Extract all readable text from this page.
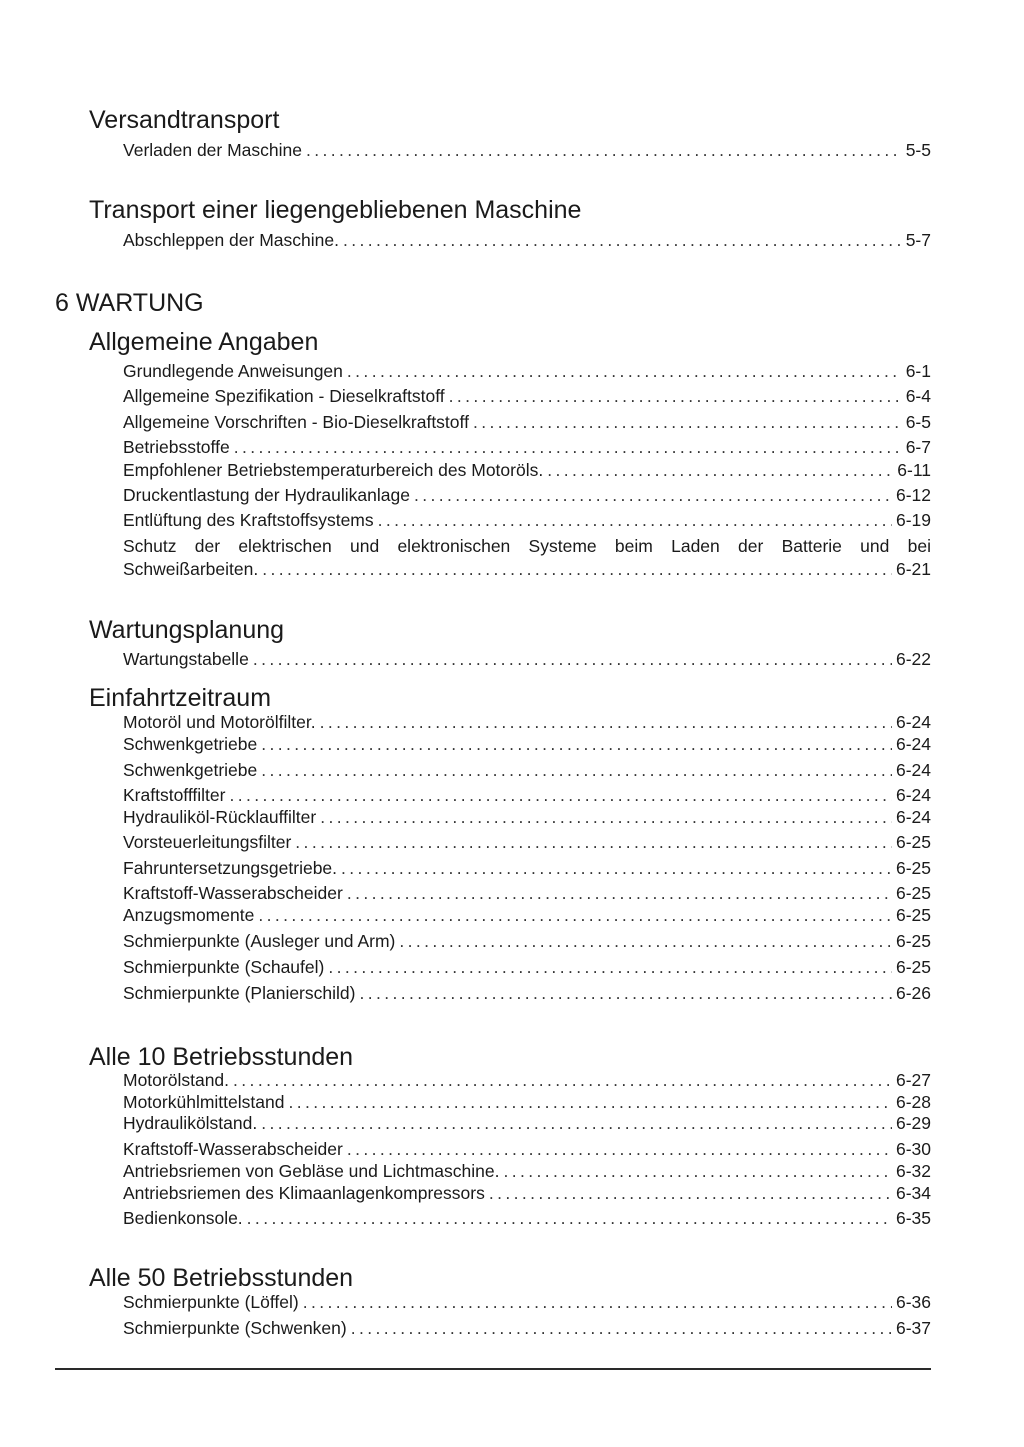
Versandtransport
Verladen der Maschine .....	5-5
Transport einer liegengebliebenen Maschine
Abschleppen der Maschine. .....	5-7
6 WARTUNG
Allgemeine Angaben
Grundlegende Anweisungen .....	6-1
Allgemeine Spezifikation - Dieselkraftstoff .....	6-4
Allgemeine Vorschriften - Bio-Dieselkraftstoff .....	6-5
Betriebsstoffe .....	6-7
Empfohlener Betriebstemperaturbereich des Motoröls. .....	6-11
Druckentlastung der Hydraulikanlage .....	6-12
Entlüftung des Kraftstoffsystems .....	6-19
Schutz der elektrischen und elektronischen Systeme beim Laden der Batterie und bei
Schweißarbeiten. .....	6-21
Wartungsplanung
Wartungstabelle .....	6-22
Einfahrtzeitraum
Motoröl und Motorölfilter. .....	6-24
Schwenkgetriebe .....	6-24
Schwenkgetriebe .....	6-24
Kraftstofffilter .....	6-24
Hydrauliköl-Rücklauffilter .....	6-24
Vorsteuerleitungsfilter .....	6-25
Fahruntersetzungsgetriebe. .....	6-25
Kraftstoff-Wasserabscheider .....	6-25
Anzugsmomente .....	6-25
Schmierpunkte (Ausleger und Arm) .....	6-25
Schmierpunkte (Schaufel) .....	6-25
Schmierpunkte (Planierschild) .....	6-26
Alle 10 Betriebsstunden
Motorölstand. .....	6-27
Motorkühlmittelstand .....	6-28
Hydraulikölstand. .....	6-29
Kraftstoff-Wasserabscheider .....	6-30
Antriebsriemen von Gebläse und Lichtmaschine. .....	6-32
Antriebsriemen des Klimaanlagenkompressors .....	6-34
Bedienkonsole. .....	6-35
Alle 50 Betriebsstunden
Schmierpunkte (Löffel) .....	6-36
Schmierpunkte (Schwenken) .....	6-37
